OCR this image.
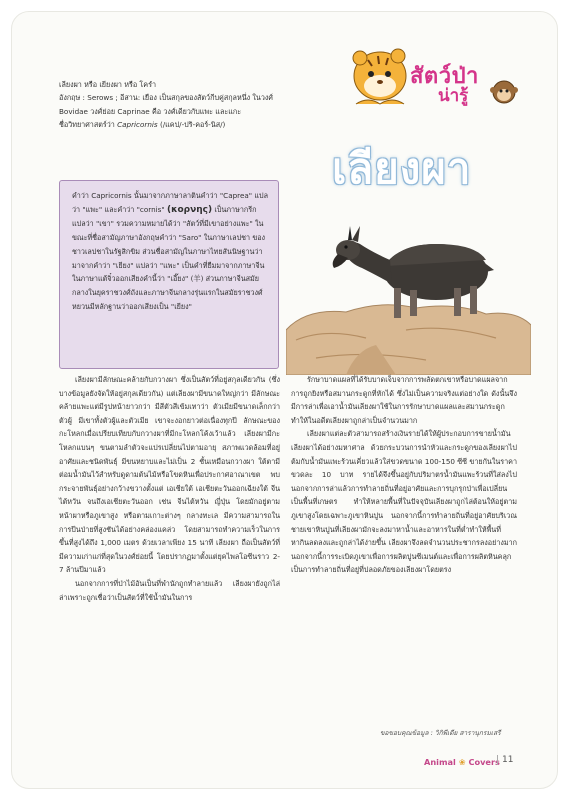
สัตว์ป่า
น่ารู้
เลียงผา

เลียงผา หรือ เยียงผา หรือ โครำ

อังกฤษ : Serows ; อีสาน: เยือง เป็นสกุลของสัตว์กีบคู่สกุลหนึ่ง ในวงศ์ Bovidae วงศ์ย่อย Caprinae คือ วงศ์เดียวกับแพะ และแกะ

ชื่อวิทยาศาสตร์ว่า Capricornis (/แคป/-ปริ-คอร์-นิส/)

คำว่า Capricornis นั้นมาจากภาษาลาตินคำว่า "Caprea" แปลว่า "แพะ" และคำว่า "cornis" (κορνης) เป็นภาษากรีก แปลว่า "เขา" รวมความหมายได้ว่า "สัตว์ที่มีเขาอย่างแพะ" ในขณะที่ชื่อสามัญภาษาอังกฤษคำว่า "Saro" ในภาษาเลปชา ของชาวเลปชาในรัฐสิกขิม ส่วนชื่อสามัญในภาษาไทยสันนิษฐานว่ามาจากคำว่า "เยียง" แปลว่า "แพะ" เป็นคำที่ยืมมาจากภาษาจีน ในภาษาแต้จิ๋วออกเสียงคำนี้ว่า "เอี๊ยง" (羊) ส่วนภาษาจีนสมัยกลางในยุคราชวงศ์ถังและภาษาจีนกลางรุ่นแรกในสมัยราชวงศ์หยวนมีหลักฐานว่าออกเสียงเป็น "เยียง"

เลียงผามีลักษณะคล้ายกับกวางผา ซึ่งเป็นสัตว์ที่อยู่สกุลเดียวกัน (ซึ่งบางข้อมูลยังจัดให้อยู่สกุลเดียวกัน) แต่เลียงผามีขนาดใหญ่กว่า มีลักษณะคล้ายแพะแต่มีรูปหน้ายาวกว่า มีสีตัวสีเข้มเทาว่า ตัวเมียมีขนาดเล็กกว่าตัวผู้ มีเขาทั้งตัวผู้และตัวเมีย เขาจะงอกยาวต่อเนื่องทุกปี ลักษณะของกะโหลกเมื่อเปรียบเทียบกับกวางผาที่มีกะโหลกโค้งเว้าแล้ว เลียงผามีกะโหลกแบนๆ ขนตามลำตัวจะแปรเปลี่ยนไปตามอายุ สภาพแวดล้อมที่อยู่อาศัยและชนิดพันธุ์ มีขนหยาบและไม่เป็น 2 ชั้นเหมือนกวางผา ใต้ตามีต่อมน้ำมันไว้สำหรับดูดามต้นไม้หรือโขดหินเพื่อประกาศอาณาเขต พบกระจายพันธุ์อย่างกว้างขวางตั้งแต่ เอเชียใต้ เอเชียตะวันออกเฉียงใต้ จีนไต้หวัน จนถึงเอเชียตะวันออก เช่น จีนไต้หวัน ญี่ปุ่น โดยมักอยู่ตามหน้าผาหรือภูเขาสูง หรือตามเกาะต่างๆ กลางทะเล มีความสามารถในการปีนป่ายที่สูงชันได้อย่างคล่องแคล่ว โดยสามารถทำความเร็วในการขึ้นที่สูงได้ถึง 1,000 เมตร ด้วยเวลาเพียง 15 นาที เลียงผา ถือเป็นสัตว์ที่มีความเก่าแก่ที่สุดในวงศ์ย่อยนี้ โดยปรากฏมาตั้งแต่ยุคไพลโอซีนราว 2-7 ล้านปีมาแล้ว

นอกจากการที่ป่าไม้อันเป็นที่พำนักถูกทำลายแล้ว เลียงผายังถูกไล่ล่าเพราะถูกเชื่อว่าเป็นสัตว์ที่ใช้น้ำมันในการ

รักษาบาดแผลที่ได้รับบาดเจ็บจากการพลัดตกเขาหรือบาดแผลจากการถูกยิงหรือสมานกระดูกที่หักได้ ซึ่งไม่เป็นความจริงแต่อย่างใด ดังนั้นจึงมีการล่าเพื่อเอาน้ำมันเลียงผาใช้ในการรักษาบาดแผลและสมานกระดูก ทำให้ในอดีตเลียงผาถูกล่าเป็นจำนวนมาก

เลียงผาแต่ละตัวสามารถสร้างเงินรายได้ให้ผู้ประกอบการขายน้ำมันเลียงผาได้อย่างมหาศาล ด้วยกระบวนการนำหัวและกระดูกของเลียงผาไปต้มกับน้ำมันแพะร้วนเคี่ยวแล้วใส่ขวดขนาด 100-150 ซีซี ขายกันในราคาขวดละ 10 บาท รายได้จึงขึ้นอยู่กับปริมาตรน้ำมันแพะร้วนที่ใส่ลงไป นอกจากการล่าแล้วการทำลายถิ่นที่อยู่อาศัยและการบุกรุกป่าเพื่อเปลี่ยนเป็นพื้นที่เกษตร ทำให้หลายพื้นที่ในปัจจุบันเลียงผาถูกไล่ต้อนให้อยู่ตามภูเขาสูงโดยเฉพาะภูเขาหินปูน นอกจากนี้การทำลายถิ่นที่อยู่อาศัยบริเวณชายเขาหินปูนที่เลียงผามักจะลงมาหาน้ำและอาหารในที่ต่ำทำให้พื้นที่หากินลดลงและถูกล่าได้ง่ายขึ้น เลียงผาจึงลดจำนวนประชากรลงอย่างมากนอกจากนี้การระเบิดภูเขาเพื่อการผลิตปูนซีเมนต์และเพื่อการผลิตหินคลุก เป็นการทำลายถิ่นที่อยู่ที่ปลอดภัยของเลียงผาโดยตรง

ขอขอบคุณข้อมูล : วิกิพีเดีย สารานุกรมเสรี
Animal ❀ Covers 11
